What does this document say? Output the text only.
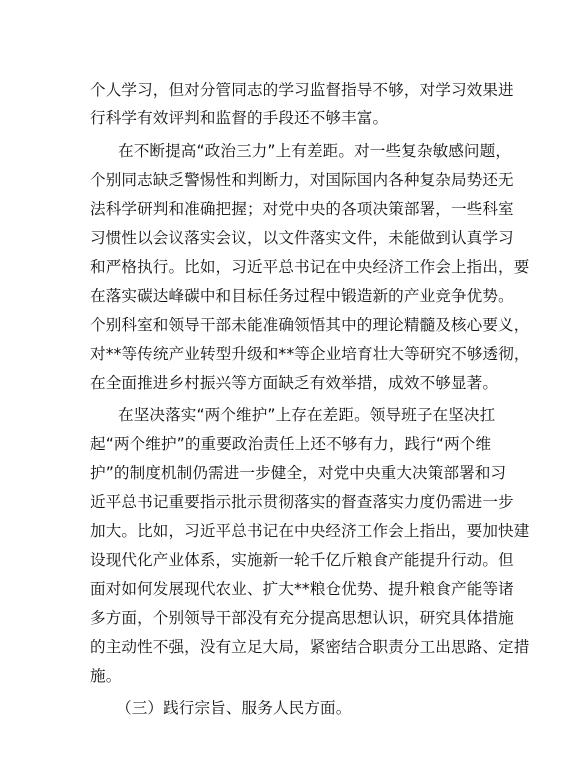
个人学习，但对分管同志的学习监督指导不够，对学习效果进
行科学有效评判和监督的手段还不够丰富。
在不断提高“政治三力”上有差距。对一些复杂敏感问题，
个别同志缺乏警惕性和判断力，对国际国内各种复杂局势还无
法科学研判和准确把握；对党中央的各项决策部署，一些科室
习惯性以会议落实会议，以文件落实文件，未能做到认真学习
和严格执行。比如，习近平总书记在中央经济工作会上指出，要
在落实碳达峰碳中和目标任务过程中锻造新的产业竞争优势。
个别科室和领导干部未能准确领悟其中的理论精髓及核心要义，
对**等传统产业转型升级和**等企业培育壮大等研究不够透彻，
在全面推进乡村振兴等方面缺乏有效举措，成效不够显著。
在坚决落实“两个维护”上存在差距。领导班子在坚决扛
起“两个维护”的重要政治责任上还不够有力，践行“两个维
护”的制度机制仍需进一步健全，对党中央重大决策部署和习
近平总书记重要指示批示贯彻落实的督查落实力度仍需进一步
加大。比如，习近平总书记在中央经济工作会上指出，要加快建
设现代化产业体系，实施新一轮千亿斤粮食产能提升行动。但
面对如何发展现代农业、扩大**粮仓优势、提升粮食产能等诸
多方面，个别领导干部没有充分提高思想认识，研究具体措施
的主动性不强，没有立足大局，紧密结合职责分工出思路、定措
施。
（三）践行宗旨、服务人民方面。
